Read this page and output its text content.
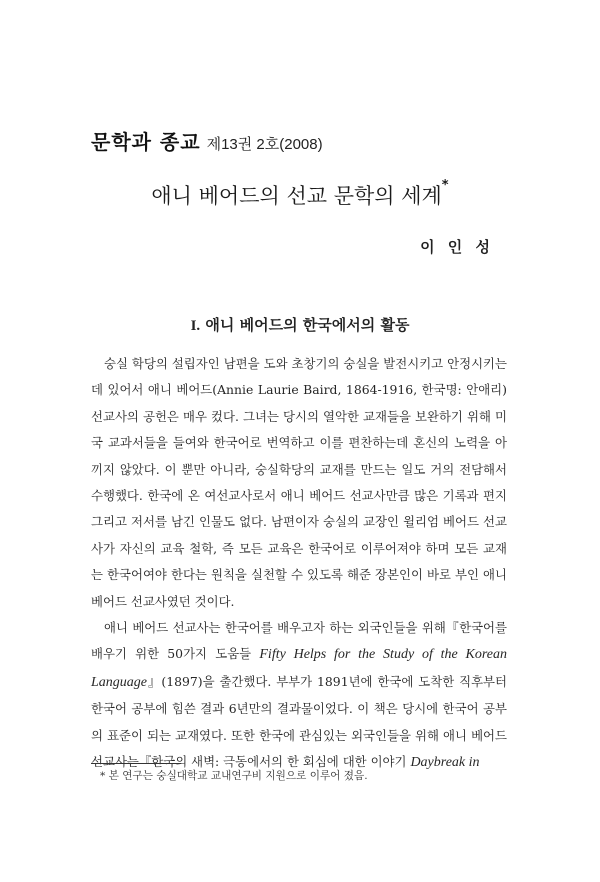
문학과 종교 제13권 2호(2008)
애니 베어드의 선교 문학의 세계*
이 인 성
I. 애니 베어드의 한국에서의 활동

숭실 학당의 설립자인 남편을 도와 초창기의 숭실을 발전시키고 안정시키는데 있어서 애니 베어드(Annie Laurie Baird, 1864-1916, 한국명: 안애리) 선교사의 공헌은 매우 컸다. 그녀는 당시의 열악한 교재들을 보완하기 위해 미국 교과서들을 들여와 한국어로 번역하고 이를 편찬하는데 혼신의 노력을 아끼지 않았다. 이 뿐만 아니라, 숭실학당의 교재를 만드는 일도 거의 전담해서 수행했다. 한국에 온 여선교사로서 애니 베어드 선교사만큼 많은 기록과 편지 그리고 저서를 남긴 인물도 없다. 남편이자 숭실의 교장인 윌리엄 베어드 선교사가 자신의 교육 철학, 즉 모든 교육은 한국어로 이루어져야 하며 모든 교재는 한국어여야 한다는 원칙을 실천할 수 있도록 해준 장본인이 바로 부인 애니 베어드 선교사였던 것이다.

애니 베어드 선교사는 한국어를 배우고자 하는 외국인들을 위해『한국어를 배우기 위한 50가지 도움들 Fifty Helps for the Study of the Korean Language』(1897)을 출간했다. 부부가 1891년에 한국에 도착한 직후부터 한국어 공부에 힘쓴 결과 6년만의 결과물이었다. 이 책은 당시에 한국어 공부의 표준이 되는 교재였다. 또한 한국에 관심있는 외국인들을 위해 애니 베어드 선교사는『한국의 새벽: 극동에서의 한 회심에 대한 이야기 Daybreak in

* 본 연구는 숭실대학교 교내연구비 지원으로 이루어 졌음.
